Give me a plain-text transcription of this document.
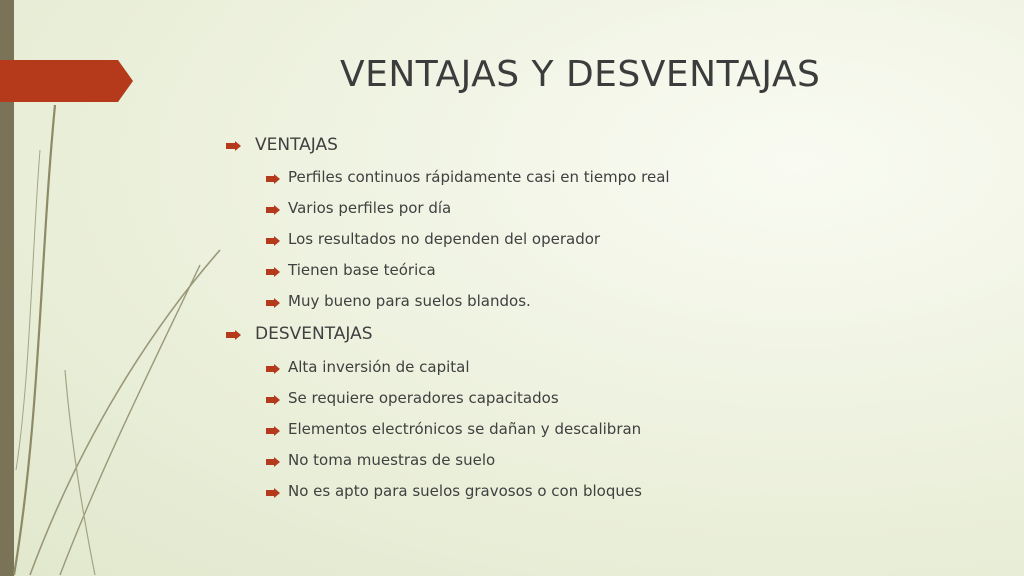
VENTAJAS Y DESVENTAJAS
VENTAJAS
Perfiles continuos rápidamente casi en tiempo real
Varios perfiles por día
Los resultados no dependen del operador
Tienen base teórica
Muy bueno para suelos blandos.
DESVENTAJAS
Alta inversión de capital
Se requiere operadores capacitados
Elementos electrónicos se dañan y descalibran
No toma muestras de suelo
No es apto para suelos gravosos o con bloques
